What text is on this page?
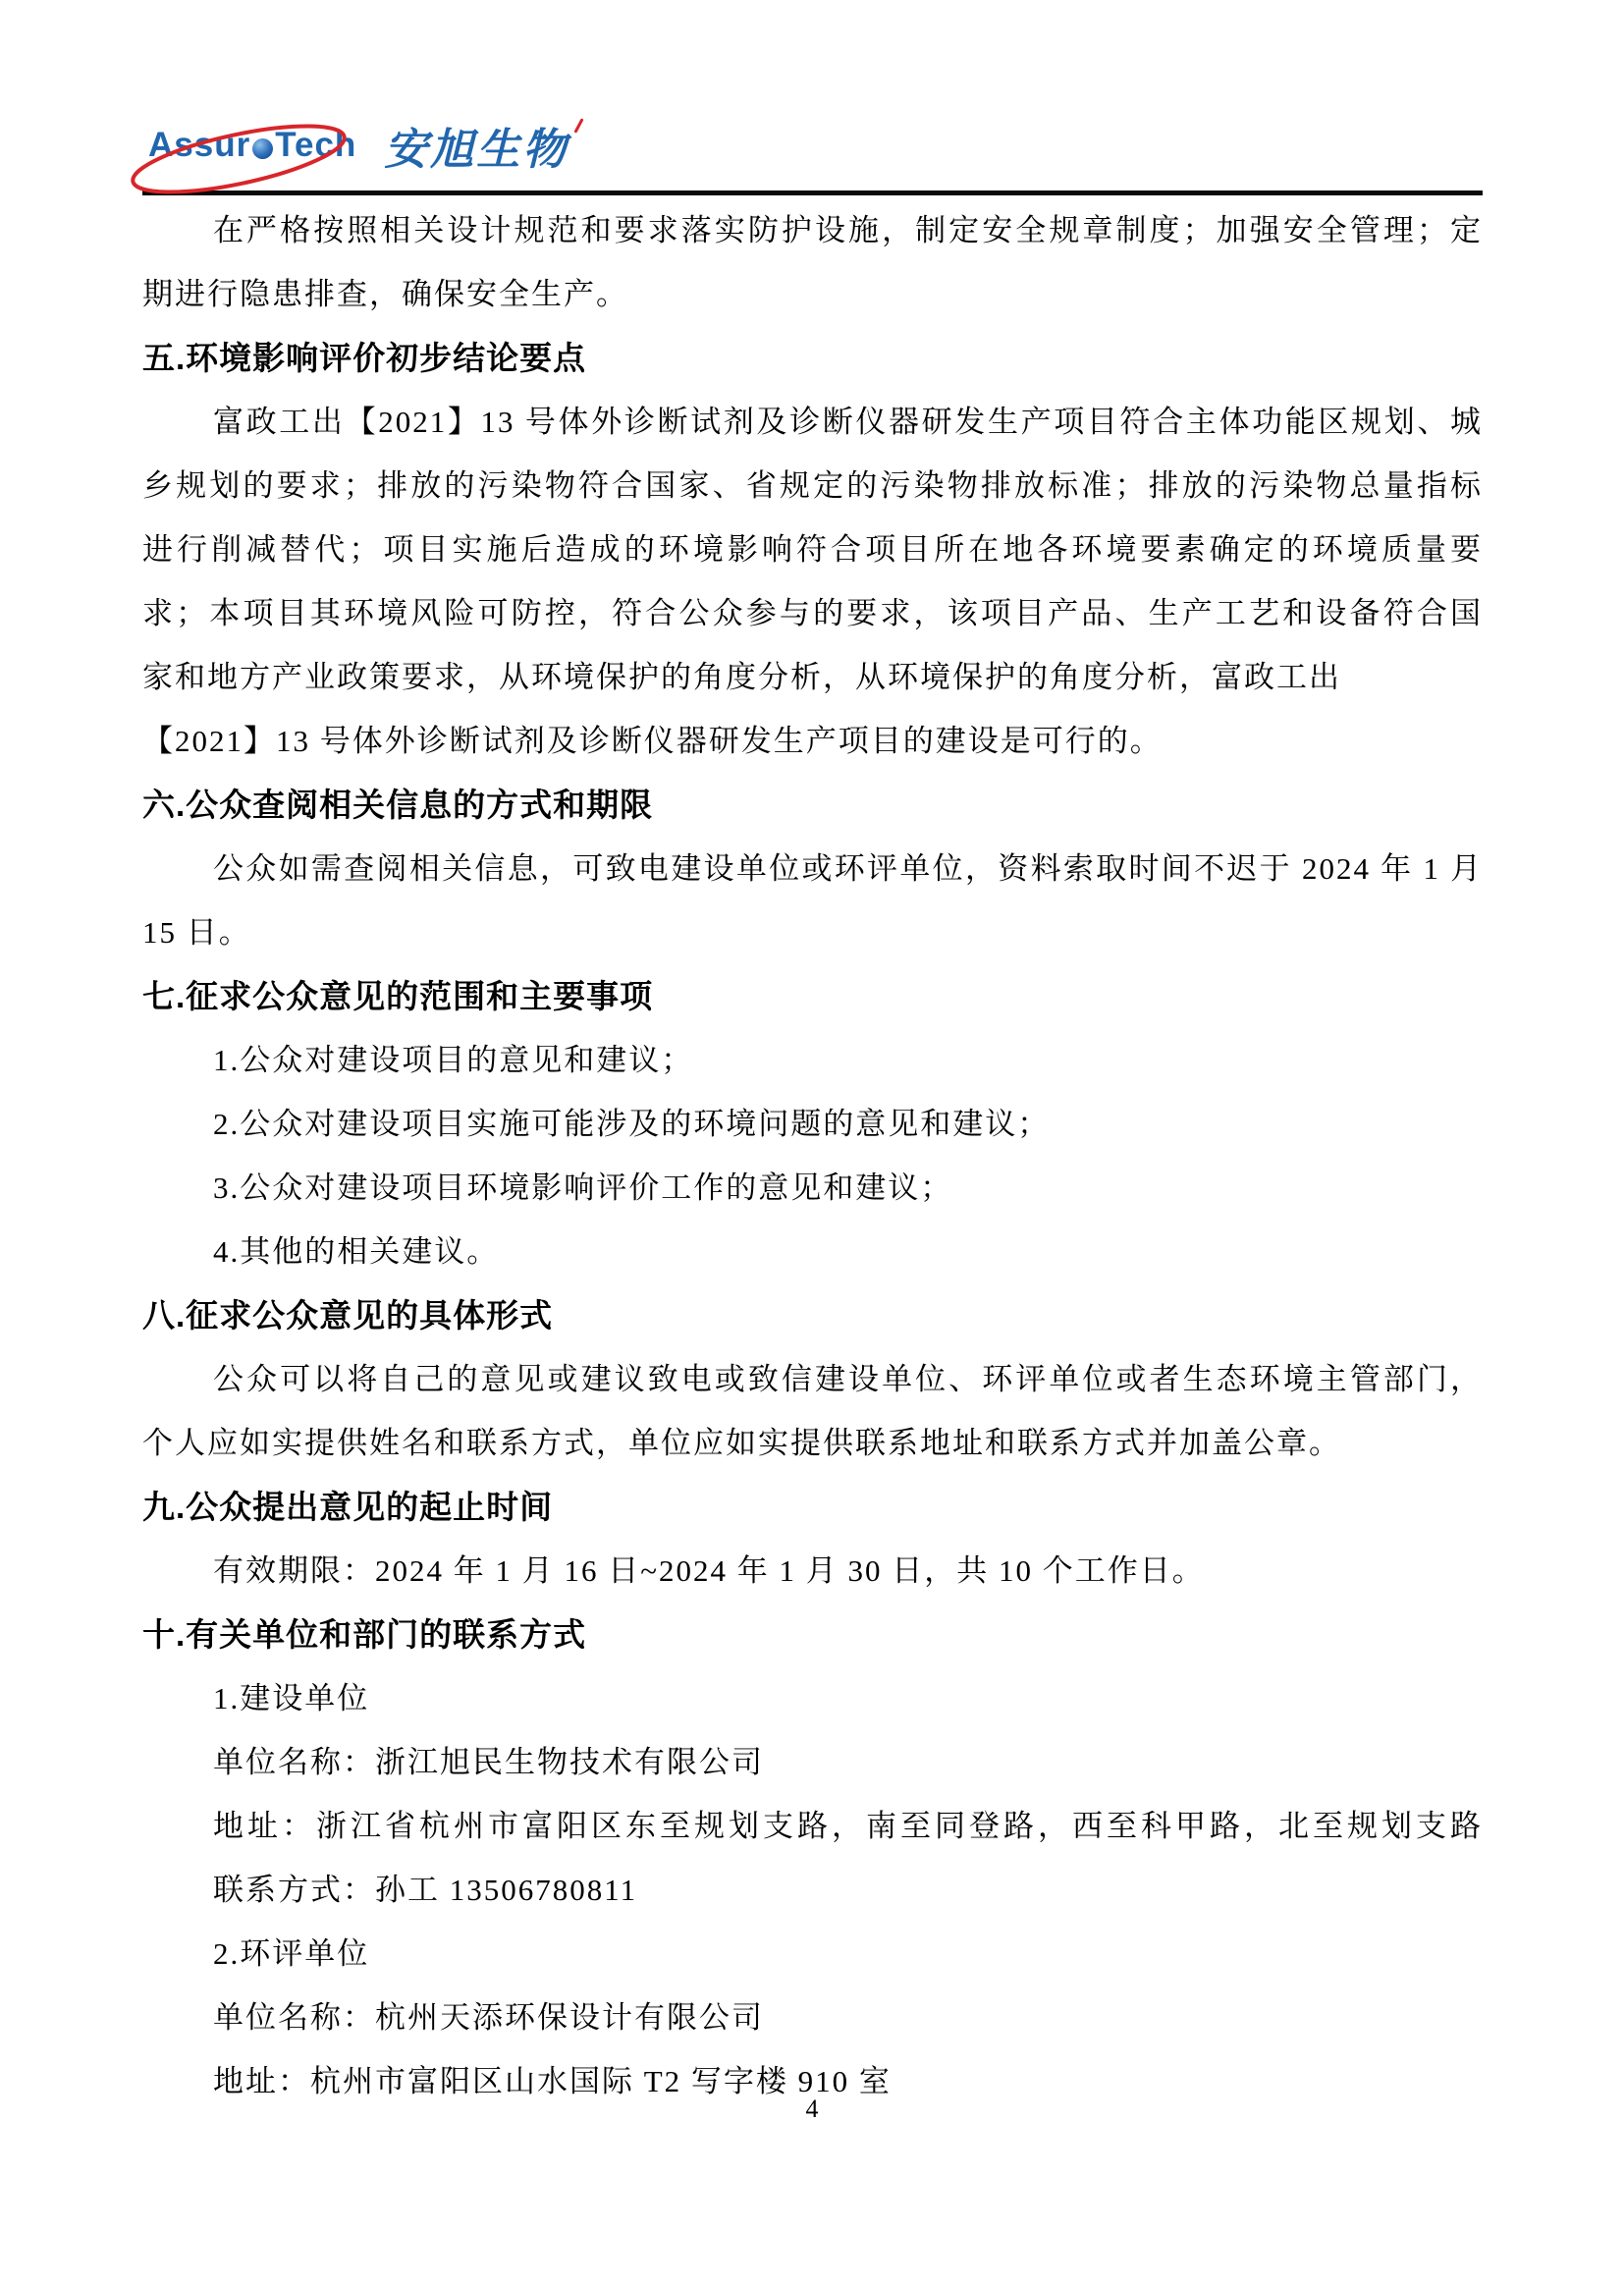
Assur Tech 安旭生物
在严格按照相关设计规范和要求落实防护设施，制定安全规章制度；加强安全管理；定
期进行隐患排查，确保安全生产。
五.环境影响评价初步结论要点
富政工出【2021】13 号体外诊断试剂及诊断仪器研发生产项目符合主体功能区规划、城
乡规划的要求；排放的污染物符合国家、省规定的污染物排放标准；排放的污染物总量指标
进行削减替代；项目实施后造成的环境影响符合项目所在地各环境要素确定的环境质量要
求；本项目其环境风险可防控，符合公众参与的要求，该项目产品、生产工艺和设备符合国
家和地方产业政策要求，从环境保护的角度分析，从环境保护的角度分析，富政工出
【2021】13 号体外诊断试剂及诊断仪器研发生产项目的建设是可行的。
六.公众查阅相关信息的方式和期限
公众如需查阅相关信息，可致电建设单位或环评单位，资料索取时间不迟于 2024 年 1 月
15 日。
七.征求公众意见的范围和主要事项
1.公众对建设项目的意见和建议；
2.公众对建设项目实施可能涉及的环境问题的意见和建议；
3.公众对建设项目环境影响评价工作的意见和建议；
4.其他的相关建议。
八.征求公众意见的具体形式
公众可以将自己的意见或建议致电或致信建设单位、环评单位或者生态环境主管部门，
个人应如实提供姓名和联系方式，单位应如实提供联系地址和联系方式并加盖公章。
九.公众提出意见的起止时间
有效期限：2024 年 1 月 16 日~2024 年 1 月 30 日，共 10 个工作日。
十.有关单位和部门的联系方式
1.建设单位
单位名称：浙江旭民生物技术有限公司
地址：浙江省杭州市富阳区东至规划支路，南至同登路，西至科甲路，北至规划支路
联系方式：孙工 13506780811
2.环评单位
单位名称：杭州天添环保设计有限公司
地址：杭州市富阳区山水国际 T2 写字楼 910 室
4
